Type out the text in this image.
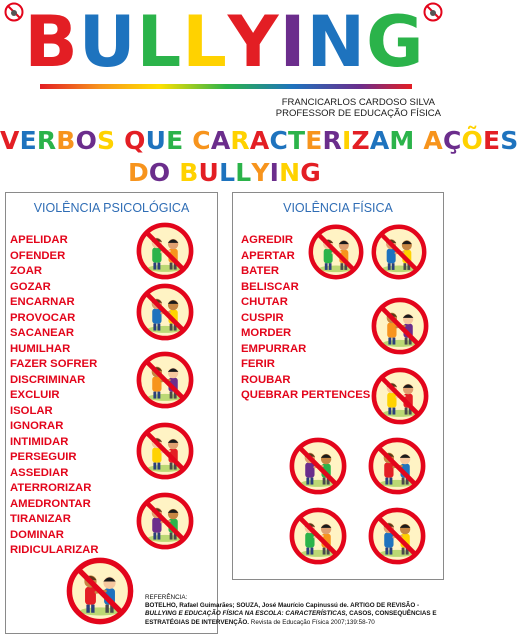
BULLYING
FRANCICARLOS CARDOSO SILVA
PROFESSOR DE EDUCAÇÃO FÍSICA
VERBOS QUE CARACTERIZAM AÇÕES
DO BULLYING
VIOLÊNCIA PSICOLÓGICA
APELIDAR
OFENDER
ZOAR
GOZAR
ENCARNAR
PROVOCAR
SACANEAR
HUMILHAR
FAZER SOFRER
DISCRIMINAR
EXCLUIR
ISOLAR
IGNORAR
INTIMIDAR
PERSEGUIR
ASSEDIAR
ATERRORIZAR
AMEDRONTAR
TIRANIZAR
DOMINAR
RIDICULARIZAR
VIOLÊNCIA FÍSICA
AGREDIR
APERTAR
BATER
BELISCAR
CHUTAR
CUSPIR
MORDER
EMPURRAR
FERIR
ROUBAR
QUEBRAR PERTENCES
REFERÊNCIA:
BOTELHO, Rafael Guimarães; SOUZA, José Maurício Capinussú de. ARTIGO DE REVISÃO -
BULLYING E EDUCAÇÃO FÍSICA NA ESCOLA: CARACTERÍSTICAS, CASOS, CONSEQUÊNCIAS E
ESTRATÉGIAS DE INTERVENÇÃO. Revista de Educação Física 2007;139:58-70
